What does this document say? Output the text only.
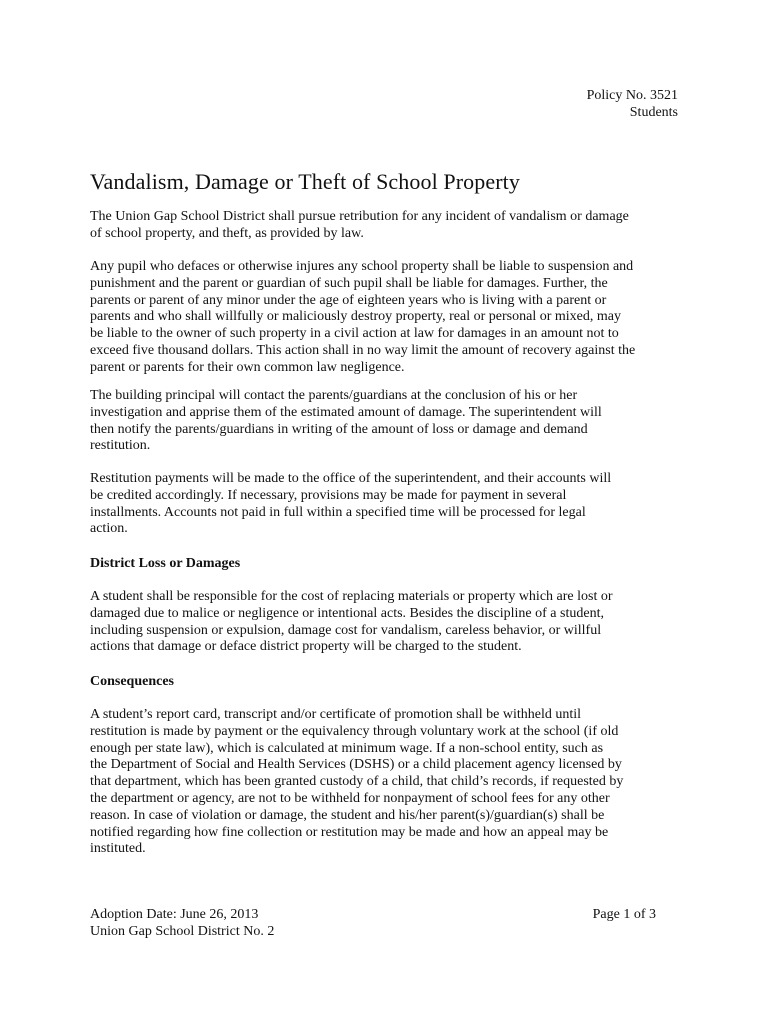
Policy No. 3521
Students
Vandalism, Damage or Theft of School Property
The Union Gap School District shall pursue retribution for any incident of vandalism or damage
of school property, and theft, as provided by law.
Any pupil who defaces or otherwise injures any school property shall be liable to suspension and
punishment and the parent or guardian of such pupil shall be liable for damages. Further, the
parents or parent of any minor under the age of eighteen years who is living with a parent or
parents and who shall willfully or maliciously destroy property, real or personal or mixed, may
be liable to the owner of such property in a civil action at law for damages in an amount not to
exceed five thousand dollars. This action shall in no way limit the amount of recovery against the
parent or parents for their own common law negligence.
The building principal will contact the parents/guardians at the conclusion of his or her
investigation and apprise them of the estimated amount of damage. The superintendent will
then notify the parents/guardians in writing of the amount of loss or damage and demand
restitution.
Restitution payments will be made to the office of the superintendent, and their accounts will
be credited accordingly. If necessary, provisions may be made for payment in several
installments. Accounts not paid in full within a specified time will be processed for legal
action.
District Loss or Damages
A student shall be responsible for the cost of replacing materials or property which are lost or
damaged due to malice or negligence or intentional acts. Besides the discipline of a student,
including suspension or expulsion, damage cost for vandalism, careless behavior, or willful
actions that damage or deface district property will be charged to the student.
Consequences
A student’s report card, transcript and/or certificate of promotion shall be withheld until
restitution is made by payment or the equivalency through voluntary work at the school (if old
enough per state law), which is calculated at minimum wage. If a non-school entity, such as
the Department of Social and Health Services (DSHS) or a child placement agency licensed by
that department, which has been granted custody of a child, that child’s records, if requested by
the department or agency, are not to be withheld for nonpayment of school fees for any other
reason. In case of violation or damage, the student and his/her parent(s)/guardian(s) shall be
notified regarding how fine collection or restitution may be made and how an appeal may be
instituted.
Adoption Date: June 26, 2013
Union Gap School District No. 2
Page 1 of 3
